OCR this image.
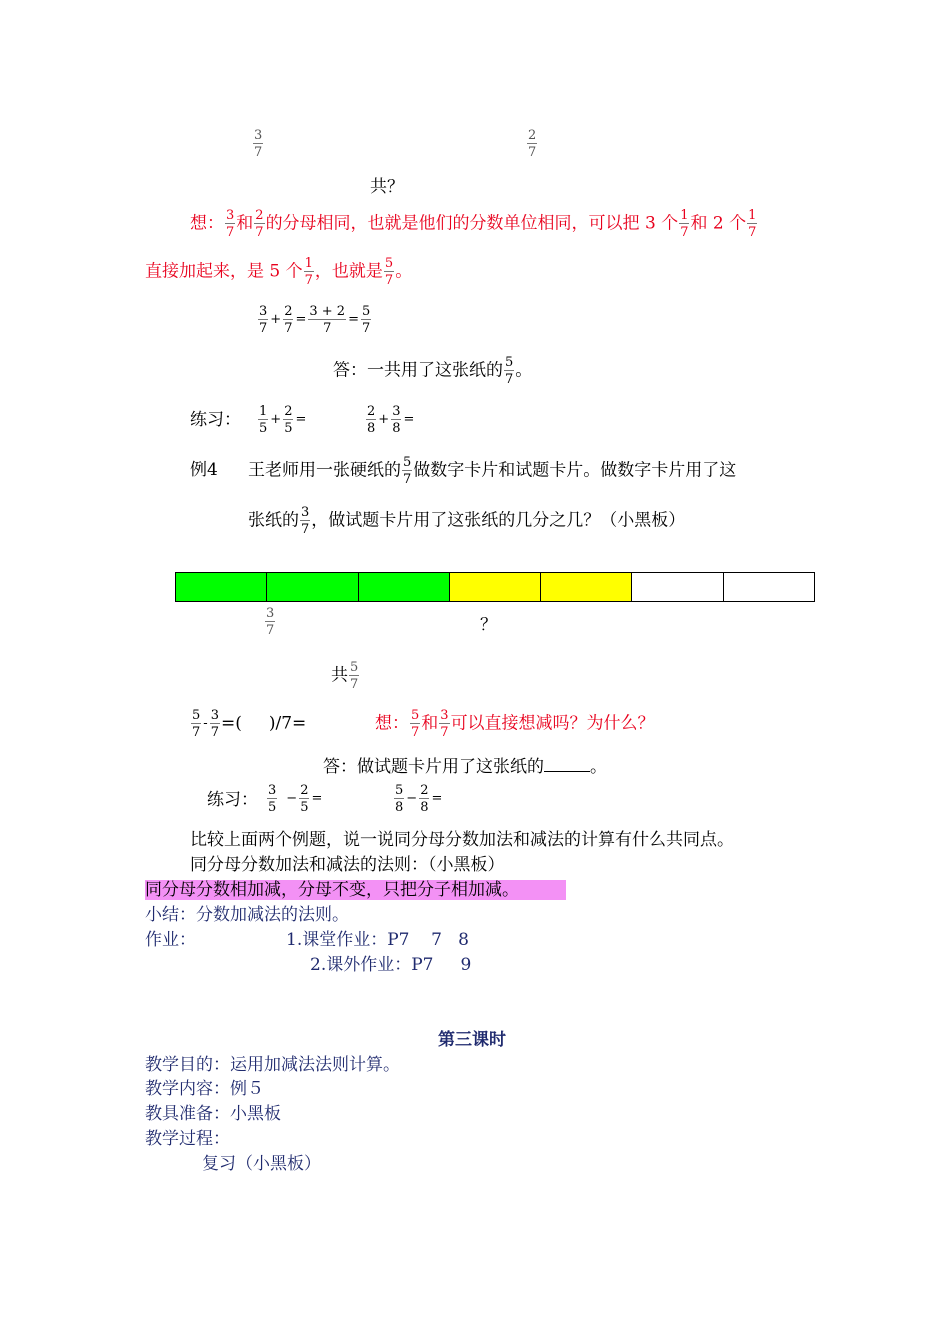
$\frac{3}{7}$	$\frac{2}{7}$
共？
想： $\frac{3}{7}$ 和 $\frac{2}{7}$ 的分母相同，也就是他们的分数单位相同，可以把 3 个 $\frac{1}{7}$ 和 2 个 $\frac{1}{7}$
直接加起来，是 5 个 $\frac{1}{7}$ ，也就是 $\frac{5}{7}$ 。
$\frac{3}{7} + \frac{2}{7} = \frac{3 + 2}{7} = \frac{5}{7}$
答：一共用了这张纸的 $\frac{5}{7}$ 。
练习： $\frac{1}{5} + \frac{2}{5}$ =	$\frac{2}{8} + \frac{3}{8}$ =
例4 王老师用一张硬纸的 $\frac{5}{7}$ 做数字卡片和试题卡片。做数字卡片用了这
张纸的 $\frac{3}{7}$ ，做试题卡片用了这张纸的几分之几？（小黑板）
$\frac{3}{7}$	？
共 $\frac{5}{7}$
$\frac{5}{7} - \frac{3}{7}$ =(     )/7=	想： $\frac{5}{7}$ 和 $\frac{3}{7}$ 可以直接想减吗？为什么？
答：做试题卡片用了这张纸的	。
练习： $\frac{3}{5} - \frac{2}{5}$ =	$\frac{5}{8} - \frac{2}{8}$ =
比较上面两个例题，说一说同分母分数加法和减法的计算有什么共同点。
同分母分数加法和减法的法则：（小黑板）
同分母分数相加减，分母不变，只把分子相加减。
小结：分数加减法的法则。
作业：	1.课堂作业：P7    7   8
2.课外作业：P7     9
第三课时
教学目的：运用加减法法则计算。
教学内容：例５
教具准备：小黑板
教学过程：
复习（小黑板）
